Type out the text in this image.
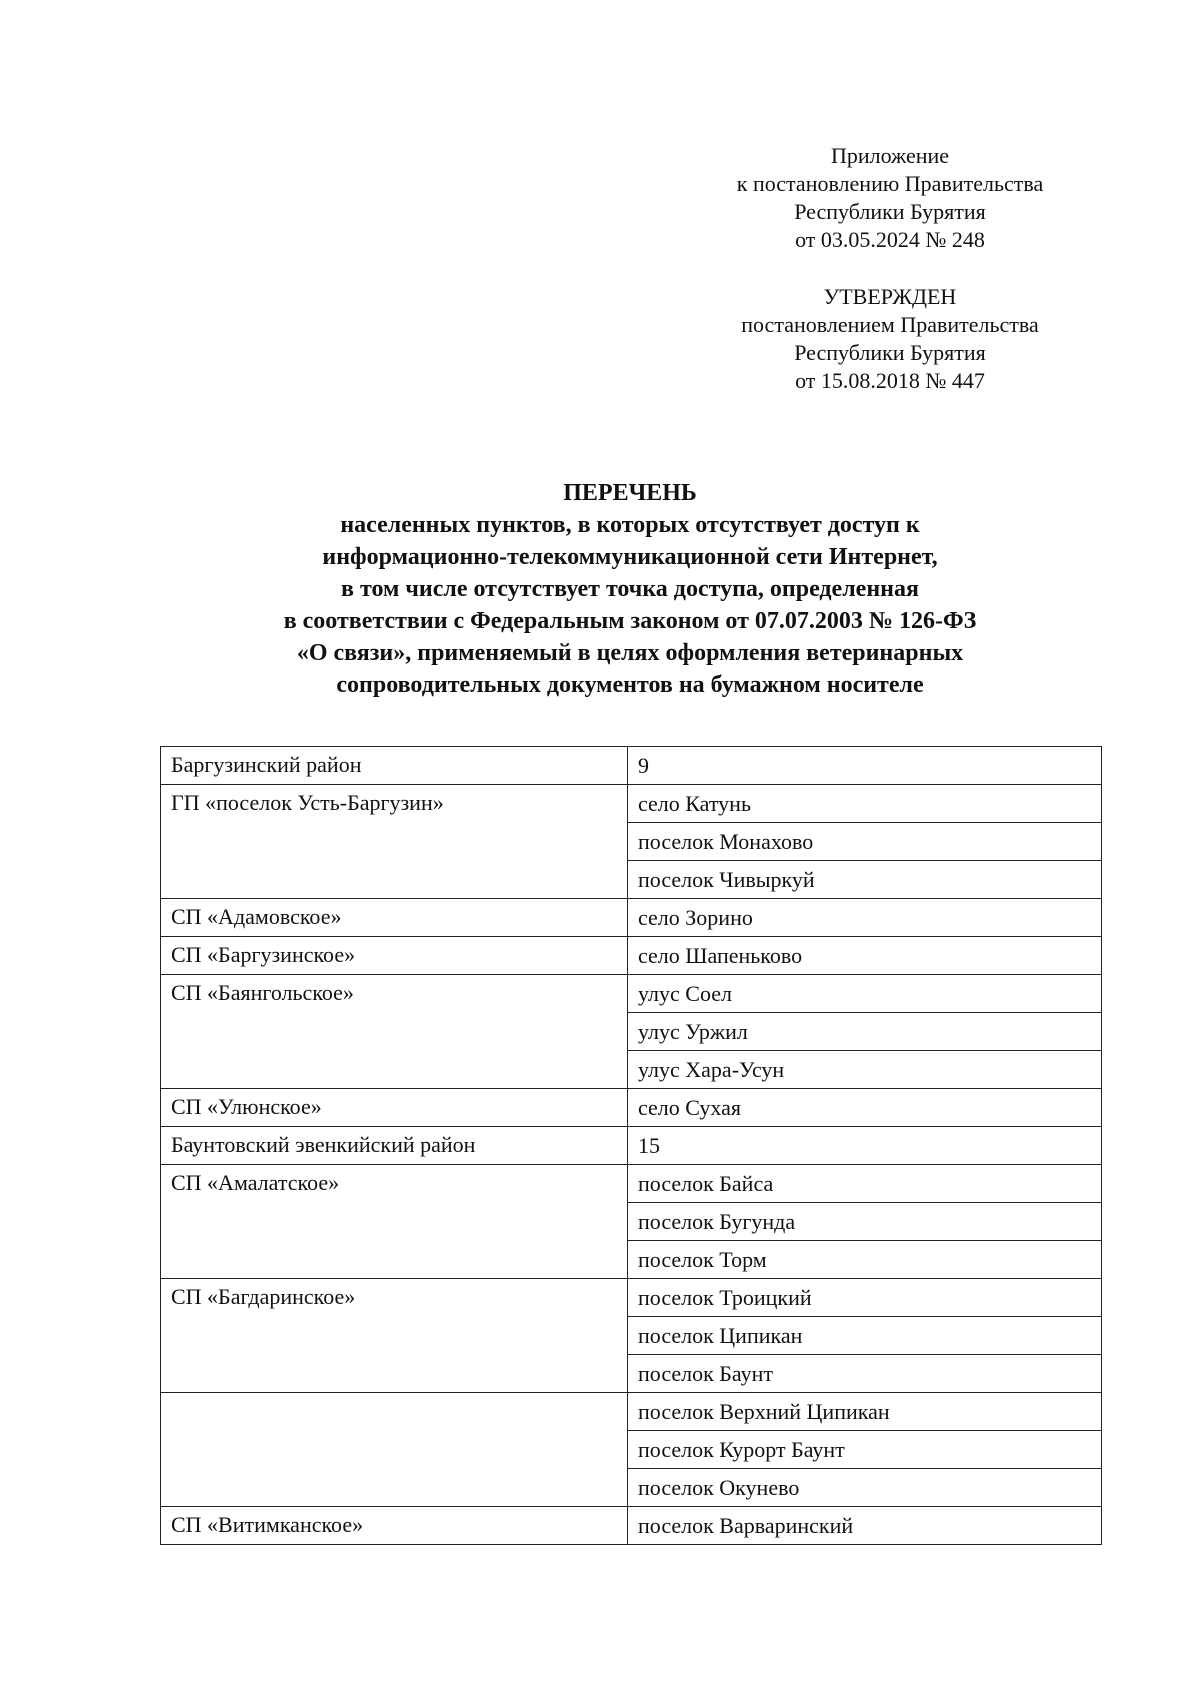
Приложение
к постановлению Правительства
Республики Бурятия
от 03.05.2024 № 248
УТВЕРЖДЕН
постановлением Правительства
Республики Бурятия
от 15.08.2018 № 447
ПЕРЕЧЕНЬ
населенных пунктов, в которых отсутствует доступ к
информационно-телекоммуникационной сети Интернет,
в том числе отсутствует точка доступа, определенная
в соответствии с Федеральным законом от 07.07.2003 № 126-ФЗ
«О связи», применяемый в целях оформления ветеринарных
сопроводительных документов на бумажном носителе
Баргузинский район	9
ГП «поселок Усть-Баргузин»	село Катунь
	поселок Монахово
	поселок Чивыркуй
СП «Адамовское»	село Зорино
СП «Баргузинское»	село Шапеньково
СП «Баянгольское»	улус Соел
	улус Уржил
	улус Хара-Усун
СП «Улюнское»	село Сухая
Баунтовский эвенкийский район	15
СП «Амалатское»	поселок Байса
	поселок Бугунда
	поселок Торм
СП «Багдаринское»	поселок Троицкий
	поселок Ципикан
	поселок Баунт
	поселок Верхний Ципикан
	поселок Курорт Баунт
	поселок Окунево
СП «Витимканское»	поселок Варваринский
